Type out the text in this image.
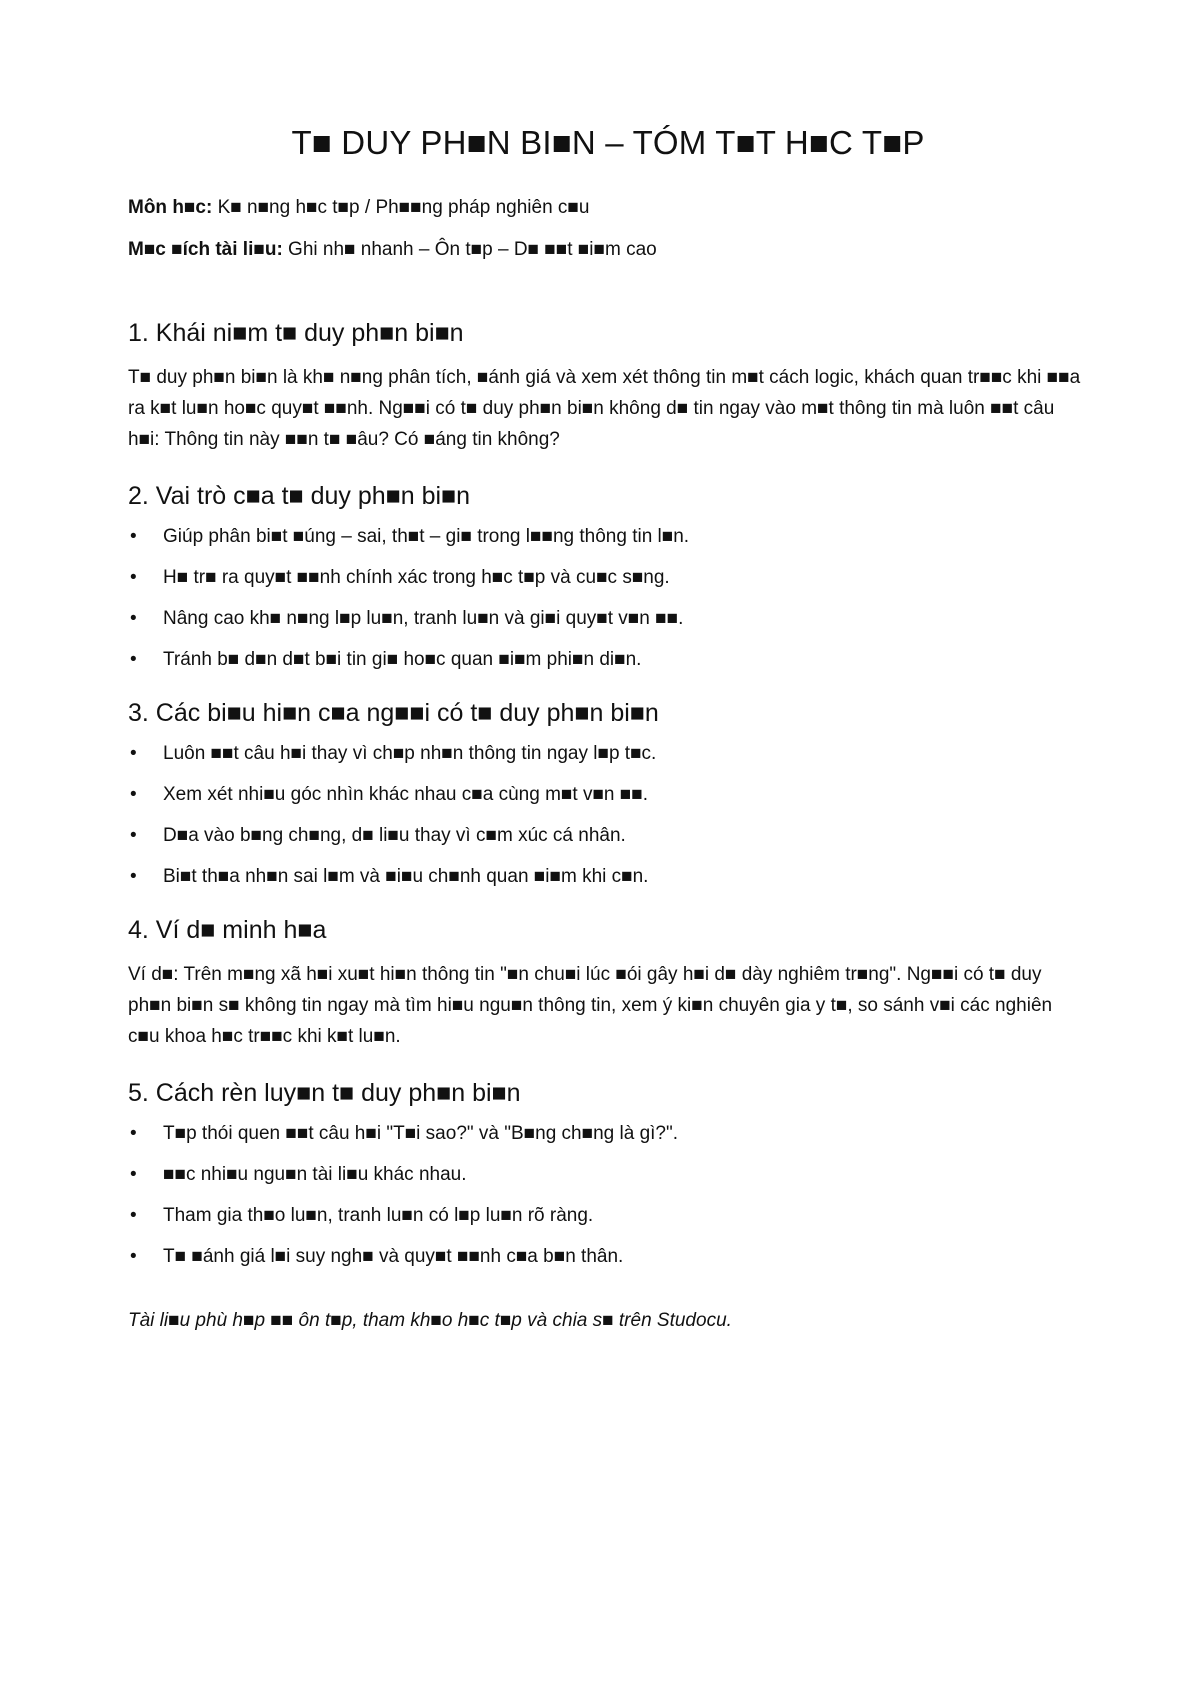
T■ DUY PH■N BI■N – TÓM T■T H■C T■P

Môn h■c: K■ n■ng h■c t■p / Ph■■ng pháp nghiên c■u

M■c ■ích tài li■u: Ghi nh■ nhanh – Ôn t■p – D■ ■■t ■i■m cao

1. Khái ni■m t■ duy ph■n bi■n

T■ duy ph■n bi■n là kh■ n■ng phân tích, ■ánh giá và xem xét thông tin m■t cách logic, khách quan tr■■c khi ■■a ra k■t lu■n ho■c quy■t ■■nh. Ng■■i có t■ duy ph■n bi■n không d■ tin ngay vào m■t thông tin mà luôn ■■t câu h■i: Thông tin này ■■n t■ ■âu? Có ■áng tin không?

2. Vai trò c■a t■ duy ph■n bi■n
• Giúp phân bi■t ■úng – sai, th■t – gi■ trong l■■ng thông tin l■n.
• H■ tr■ ra quy■t ■■nh chính xác trong h■c t■p và cu■c s■ng.
• Nâng cao kh■ n■ng l■p lu■n, tranh lu■n và gi■i quy■t v■n ■■.
• Tránh b■ d■n d■t b■i tin gi■ ho■c quan ■i■m phi■n di■n.
3. Các bi■u hi■n c■a ng■■i có t■ duy ph■n bi■n
• Luôn ■■t câu h■i thay vì ch■p nh■n thông tin ngay l■p t■c.
• Xem xét nhi■u góc nhìn khác nhau c■a cùng m■t v■n ■■.
• D■a vào b■ng ch■ng, d■ li■u thay vì c■m xúc cá nhân.
• Bi■t th■a nh■n sai l■m và ■i■u ch■nh quan ■i■m khi c■n.
4. Ví d■ minh h■a

Ví d■: Trên m■ng xã h■i xu■t hi■n thông tin "■n chu■i lúc ■ói gây h■i d■ dày nghiêm tr■ng". Ng■■i có t■ duy ph■n bi■n s■ không tin ngay mà tìm hi■u ngu■n thông tin, xem ý ki■n chuyên gia y t■, so sánh v■i các nghiên c■u khoa h■c tr■■c khi k■t lu■n.

5. Cách rèn luy■n t■ duy ph■n bi■n
• T■p thói quen ■■t câu h■i "T■i sao?" và "B■ng ch■ng là gì?".
• ■■c nhi■u ngu■n tài li■u khác nhau.
• Tham gia th■o lu■n, tranh lu■n có l■p lu■n rõ ràng.
• T■ ■ánh giá l■i suy ngh■ và quy■t ■■nh c■a b■n thân.

Tài li■u phù h■p ■■ ôn t■p, tham kh■o h■c t■p và chia s■ trên Studocu.
